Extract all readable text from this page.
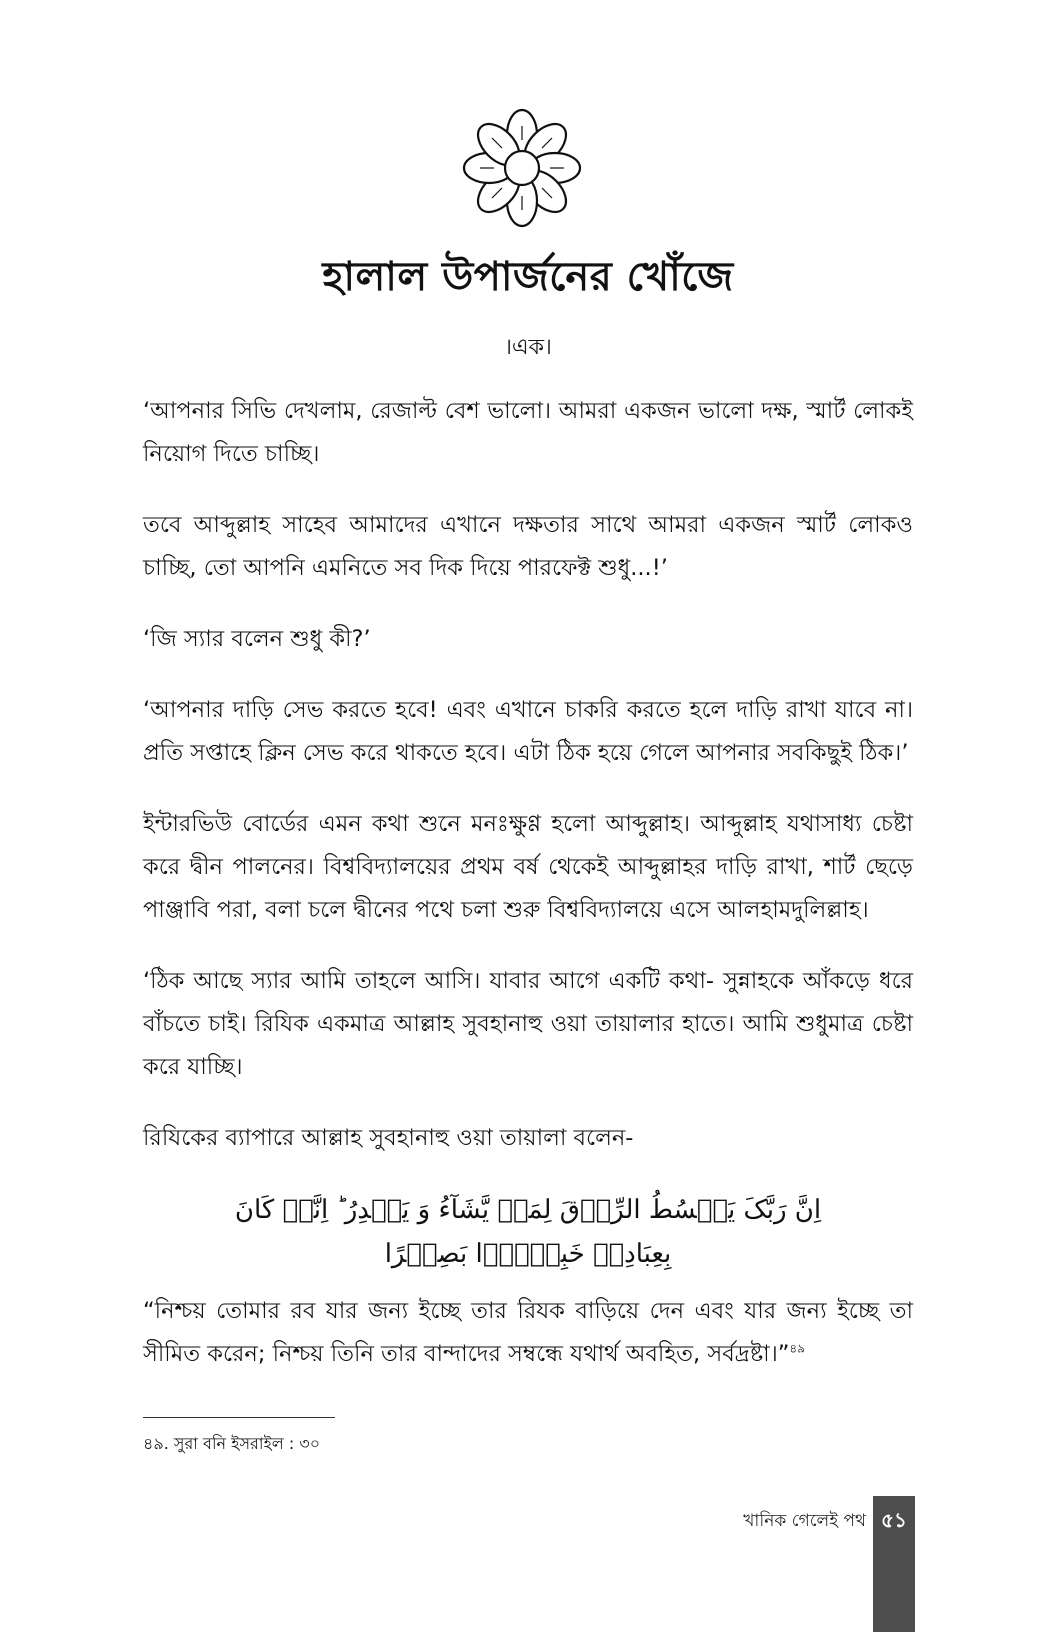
হালাল উপার্জনের খোঁজে
।এক।

‘আপনার সিভি দেখলাম, রেজাল্ট বেশ ভালো। আমরা একজন ভালো দক্ষ, স্মার্ট লোকই নিয়োগ দিতে চাচ্ছি।

তবে আব্দুল্লাহ সাহেব আমাদের এখানে দক্ষতার সাথে আমরা একজন স্মার্ট লোকও চাচ্ছি, তো আপনি এমনিতে সব দিক দিয়ে পারফেক্ট শুধু...!’

‘জি স্যার বলেন শুধু কী?’

‘আপনার দাড়ি সেভ করতে হবে! এবং এখানে চাকরি করতে হলে দাড়ি রাখা যাবে না। প্রতি সপ্তাহে ক্লিন সেভ করে থাকতে হবে। এটা ঠিক হয়ে গেলে আপনার সবকিছুই ঠিক।’

ইন্টারভিউ বোর্ডের এমন কথা শুনে মনঃক্ষুণ্ণ হলো আব্দুল্লাহ। আব্দুল্লাহ যথাসাধ্য চেষ্টা করে দ্বীন পালনের। বিশ্ববিদ্যালয়ের প্রথম বর্ষ থেকেই আব্দুল্লাহর দাড়ি রাখা, শার্ট ছেড়ে পাঞ্জাবি পরা, বলা চলে দ্বীনের পথে চলা শুরু বিশ্ববিদ্যালয়ে এসে আলহামদুলিল্লাহ।

‘ঠিক আছে স্যার আমি তাহলে আসি। যাবার আগে একটি কথা- সুন্নাহকে আঁকড়ে ধরে বাঁচতে চাই। রিযিক একমাত্র আল্লাহ সুবহানাহু ওয়া তায়ালার হাতে। আমি শুধুমাত্র চেষ্টা করে যাচ্ছি।

রিযিকের ব্যাপারে আল্লাহ সুবহানাহু ওয়া তায়ালা বলেন-

اِنَّ رَبَّکَ یَبۡسُطُ الرِّزۡقَ لِمَنۡ یَّشَآءُ وَ یَقۡدِرُ ؕ اِنَّہٗ کَانَ بِعِبَادِہٖ خَبِیۡرًۢا بَصِیۡرًا

“নিশ্চয় তোমার রব যার জন্য ইচ্ছে তার রিযক বাড়িয়ে দেন এবং যার জন্য ইচ্ছে তা সীমিত করেন; নিশ্চয় তিনি তার বান্দাদের সম্বন্ধে যথার্থ অবহিত, সর্বদ্রষ্টা।”$^{৪৯}$

৪৯. সুরা বনি ইসরাইল : ৩০
খানিক গেলেই পথ ৫১
